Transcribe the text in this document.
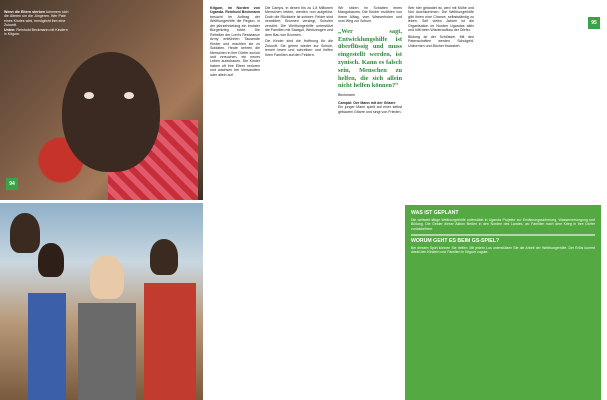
Wenn die Eltern sterben kümmern sich die Älteren um die Jüngeren. Wer Pate eines Kindes wird, ermöglicht ihm eine Zukunft.
Unten: Reinhold Beckmann mit Kindern in Kitgum.
94

Kitgum, im Norden von Uganda. Reinhold Beckmann besucht im Auftrag der Welthungerhilfe die Region, in der jahrzehntelang ein brutaler Bürgerkrieg tobte. Die Rebellen der Lord's Resistance Army entführten Tausende Kinder und machten sie zu Soldaten. Heute kehren die Menschen in ihre Dörfer zurück und versuchen, ein neues Leben aufzubauen. Die Kinder haben oft ihre Eltern verloren und wachsen bei Verwandten oder allein auf.

Die Camps, in denen bis zu 1,8 Millionen Menschen lebten, werden nun aufgelöst. Doch die Rückkehr ist schwer: Felder sind verwildert, Brunnen versiegt, Schulen zerstört. Die Welthungerhilfe unterstützt die Familien mit Saatgut, Werkzeugen und dem Bau von Brunnen.

Die Kinder sind die Hoffnung für die Zukunft. Sie gehen wieder zur Schule, lernen lesen und schreiben und helfen ihren Familien auf den Feldern.

Wir sitzen im Schatten eines Mangobaums. Die Kinder erzählen von ihrem Alltag, vom Wasserholen und vom Weg zur Schule.

„Wer sagt, Entwicklungshilfe ist überflüssig und muss eingestellt werden, ist zynisch. Kann es falsch sein, Menschen zu helfen, die sich allein nicht helfen können?“
Beckmann
Campbi: Der Mann mit der Gitarre

Ein junger Mann spielt auf einer selbst gebauten Gitarre und singt von Frieden.

Wer hier gelandet ist, wird mit Mühe und Not durchkommen. Die Welthungerhilfe gibt ihnen eine Chance, selbstständig zu leben. Seit vielen Jahren ist die Organisation im Norden Ugandas aktiv und hilft beim Wiederaufbau der Dörfer.

Bildung ist der Schlüssel. Mit den Patenschaften werden Schulgeld, Uniformen und Bücher finanziert.

95
WAS IST GEPLANT

Die weltweit tätige Welthungerhilfe unterstützt in Uganda Projekte zur Ernährungssicherung, Wasserversorgung und Bildung. Die Gelder dieser Aktion fließen in den Norden des Landes, wo Familien nach dem Krieg in ihre Dörfer zurückkehren.

WORUM GEHT ES BEIM GS-SPIEL?

Bei diesem Spiel können Sie helfen: Mit jedem Los unterstützen Sie die Arbeit der Welthungerhilfe. Der Erlös kommt direkt den Kindern und Familien in Kitgum zugute.
